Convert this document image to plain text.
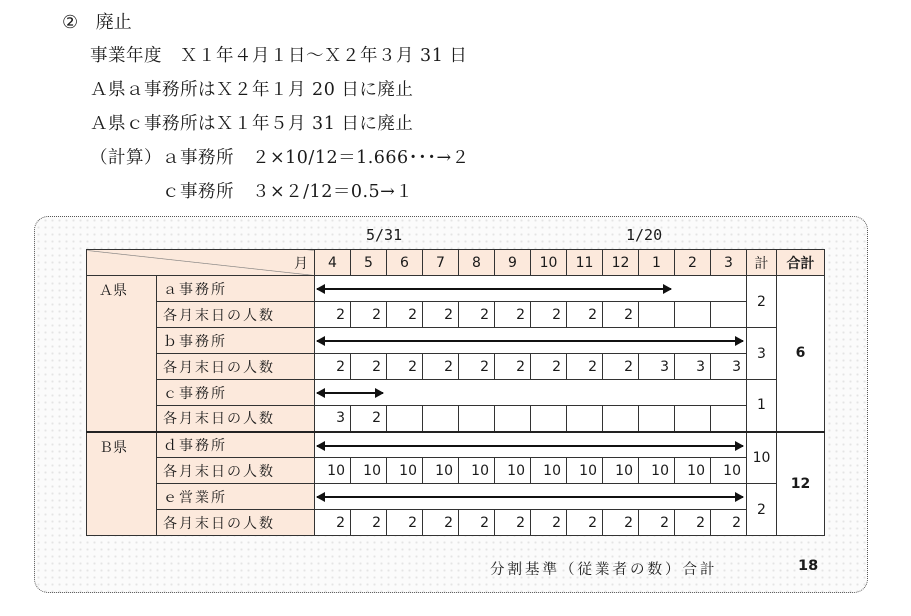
② 廃止
事業年度　Ｘ１年４月１日～Ｘ２年３月 31 日
Ａ県ａ事務所はＸ２年１月 20 日に廃止
Ａ県ｃ事務所はＸ１年５月 31 日に廃止
（計算）ａ事務所　２×10/12＝1.666･･･→２
　　　　ｃ事務所　３×２/12＝0.5→１
5/31	1/20
月		4	5	6	7	8	9	10	11	12	1	2	3	計	合計
Ａ県	ａ事務所													2	6
	各月末日の人数	2	2	2	2	2	2	2	2	2					
	ｂ事務所													3	
	各月末日の人数	2	2	2	2	2	2	2	2	2	3	3	3		
	ｃ事務所													1	
	各月末日の人数	3	2												
Ｂ県	ｄ事務所													10	12
	各月末日の人数	10	10	10	10	10	10	10	10	10	10	10	10		
	ｅ営業所													2	
	各月末日の人数	2	2	2	2	2	2	2	2	2	2	2	2		
分割基準（従業者の数）合計	18
